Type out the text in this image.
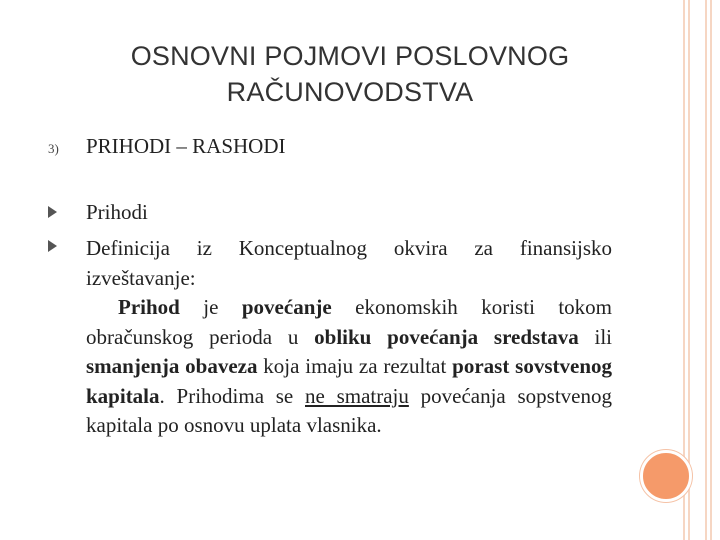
OSNOVNI POJMOVI POSLOVNOG RAČUNOVODSTVA
3) PRIHODI – RASHODI
Prihodi
Definicija iz Konceptualnog okvira za finansijsko izveštavanje:
Prihod je povećanje ekonomskih koristi tokom obračunskog perioda u obliku povećanja sredstava ili smanjenja obaveza koja imaju za rezultat porast sovstvenog kapitala. Prihodima se ne smatraju povećanja sopstvenog kapitala po osnovu uplata vlasnika.
